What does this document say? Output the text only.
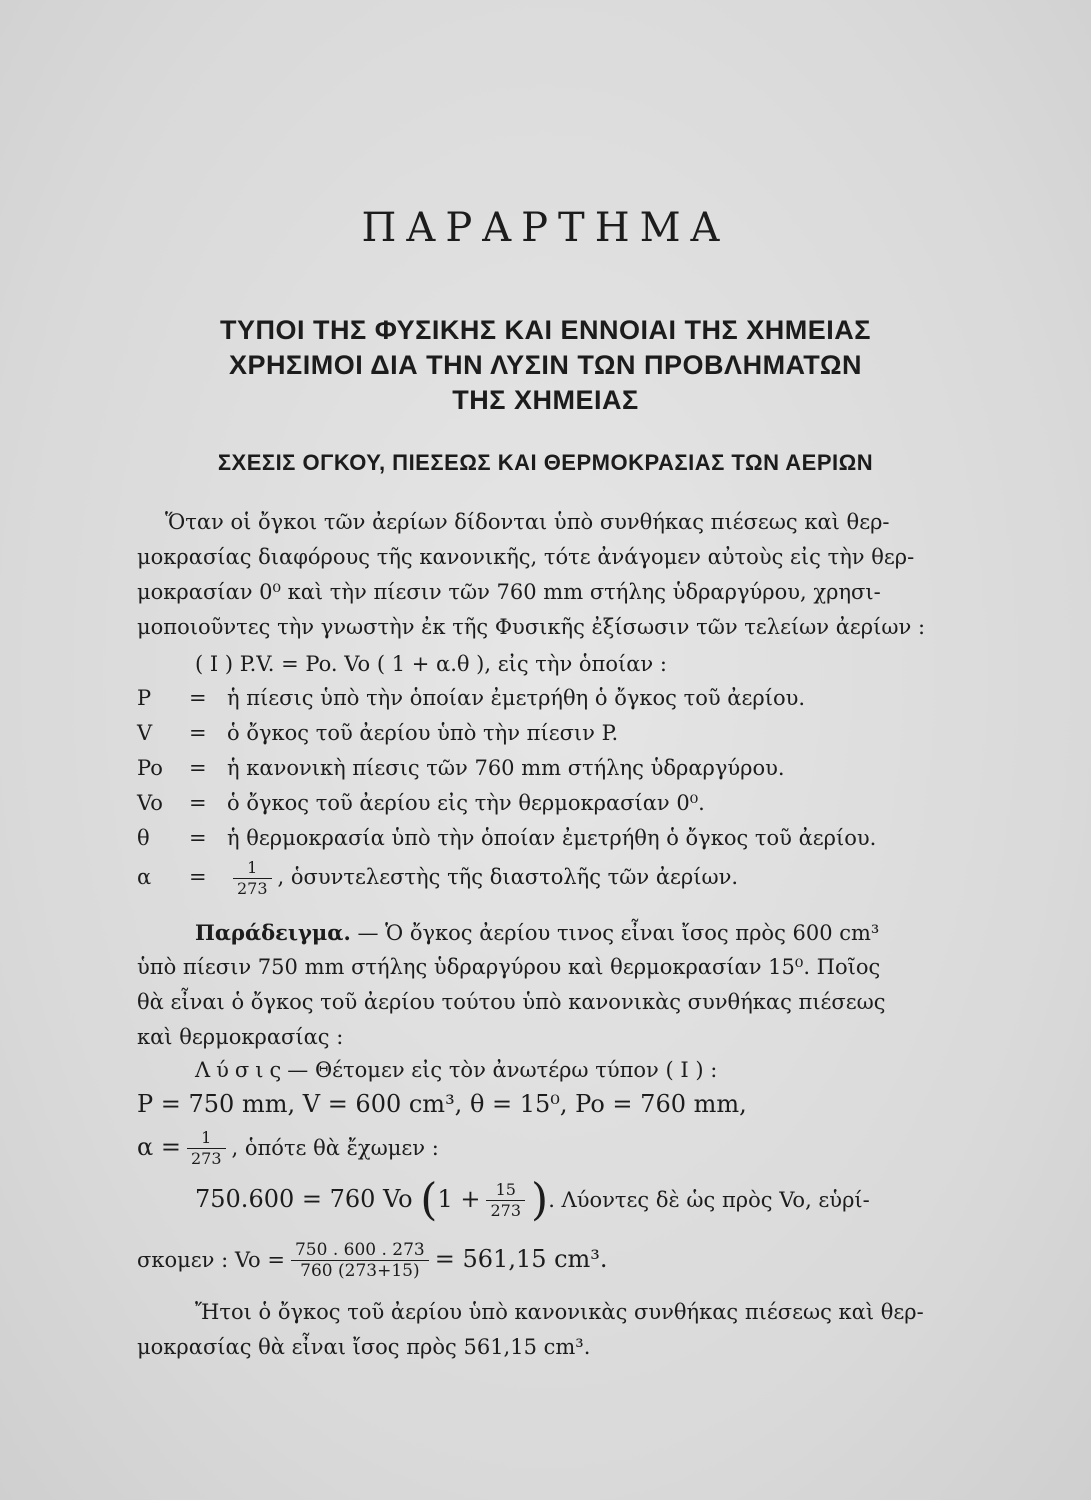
ΠΑΡΑΡΤΗΜΑ
ΤΥΠΟΙ ΤΗΣ ΦΥΣΙΚΗΣ ΚΑΙ ΕΝΝΟΙΑΙ ΤΗΣ ΧΗΜΕΙΑΣ
ΧΡΗΣΙΜΟΙ ΔΙΑ ΤΗΝ ΛΥΣΙΝ ΤΩΝ ΠΡΟΒΛΗΜΑΤΩΝ
ΤΗΣ ΧΗΜΕΙΑΣ
ΣΧΕΣΙΣ ΟΓΚΟΥ, ΠΙΕΣΕΩΣ ΚΑΙ ΘΕΡΜΟΚΡΑΣΙΑΣ ΤΩΝ ΑΕΡΙΩΝ
Ὅταν οἱ ὄγκοι τῶν ἀερίων δίδονται ὑπὸ συνθήκας πιέσεως καὶ θερ-
μοκρασίας διαφόρους τῆς κανονικῆς, τότε ἀνάγομεν αὐτοὺς εἰς τὴν θερ-
μοκρασίαν 0⁰ καὶ τὴν πίεσιν τῶν 760 mm στήλης ὑδραργύρου, χρησι-
μοποιοῦντες τὴν γνωστὴν ἐκ τῆς Φυσικῆς ἐξίσωσιν τῶν τελείων ἀερίων :
( I ) P.V. = Po. Vo ( 1 + α.θ ), εἰς τὴν ὁποίαν :
P = ἡ πίεσις ὑπὸ τὴν ὁποίαν ἐμετρήθη ὁ ὄγκος τοῦ ἀερίου.
V = ὁ ὄγκος τοῦ ἀερίου ὑπὸ τὴν πίεσιν P.
Po = ἡ κανονικὴ πίεσις τῶν 760 mm στήλης ὑδραργύρου.
Vo = ὁ ὄγκος τοῦ ἀερίου εἰς τὴν θερμοκρασίαν 0⁰.
θ = ἡ θερμοκρασία ὑπὸ τὴν ὁποίαν ἐμετρήθη ὁ ὄγκος τοῦ ἀερίου.
$\alpha = \frac{1}{273}$ , ὁσυντελεστὴς τῆς διαστολῆς τῶν ἀερίων.
Παράδειγμα. — Ὁ ὄγκος ἀερίου τινος εἶναι ἴσος πρὸς 600 cm³
ὑπὸ πίεσιν 750 mm στήλης ὑδραργύρου καὶ θερμοκρασίαν 15⁰. Ποῖος
θὰ εἶναι ὁ ὄγκος τοῦ ἀερίου τούτου ὑπὸ κανονικὰς συνθήκας πιέσεως
καὶ θερμοκρασίας :
Λύσις— Θέτομεν εἰς τὸν ἀνωτέρω τύπον ( I ) :
P = 750 mm, V = 600 cm³, θ = 15⁰, Po = 760 mm,
$\alpha = \frac{1}{273}$ , ὁπότε θὰ ἔχωμεν :
750.600 = 760 Vo ($1 + \frac{15}{273}$ ). Λύοντες δὲ ὡς πρὸς Vo, εὑρί-
σκομεν : $Vo = \frac{750 . 600 . 273}{760 (273+15)} = 561,15$ cm³.
Ἤτοι ὁ ὄγκος τοῦ ἀερίου ὑπὸ κανονικὰς συνθήκας πιέσεως καὶ θερ-
μοκρασίας θὰ εἶναι ἴσος πρὸς 561,15 cm³.
